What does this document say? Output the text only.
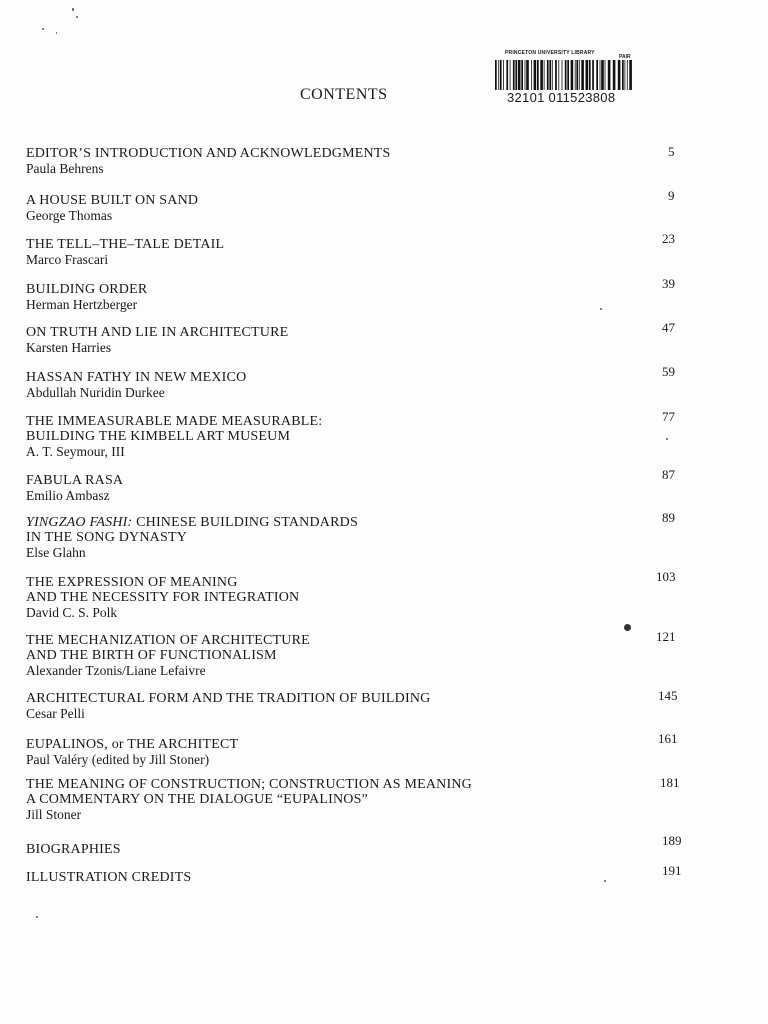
CONTENTS
PRINCETON UNIVERSITY LIBRARY
PAIR
32101 011523808
EDITOR’S INTRODUCTION AND ACKNOWLEDGMENTS
Paula Behrens
5
A HOUSE BUILT ON SAND
George Thomas
9
THE TELL–THE–TALE DETAIL
Marco Frascari
23
BUILDING ORDER
Herman Hertzberger
39
ON TRUTH AND LIE IN ARCHITECTURE
Karsten Harries
47
HASSAN FATHY IN NEW MEXICO
Abdullah Nuridin Durkee
59
THE IMMEASURABLE MADE MEASURABLE:
BUILDING THE KIMBELL ART MUSEUM
A. T. Seymour, III
77
FABULA RASA
Emilio Ambasz
87
YINGZAO FASHI: CHINESE BUILDING STANDARDS
IN THE SONG DYNASTY
Else Glahn
89
THE EXPRESSION OF MEANING
AND THE NECESSITY FOR INTEGRATION
David C. S. Polk
103
THE MECHANIZATION OF ARCHITECTURE
AND THE BIRTH OF FUNCTIONALISM
Alexander Tzonis/Liane Lefaivre
121
ARCHITECTURAL FORM AND THE TRADITION OF BUILDING
Cesar Pelli
145
EUPALINOS, or THE ARCHITECT
Paul Valéry (edited by Jill Stoner)
161
THE MEANING OF CONSTRUCTION; CONSTRUCTION AS MEANING
A COMMENTARY ON THE DIALOGUE “EUPALINOS”
Jill Stoner
181
BIOGRAPHIES
189
ILLUSTRATION CREDITS	191
